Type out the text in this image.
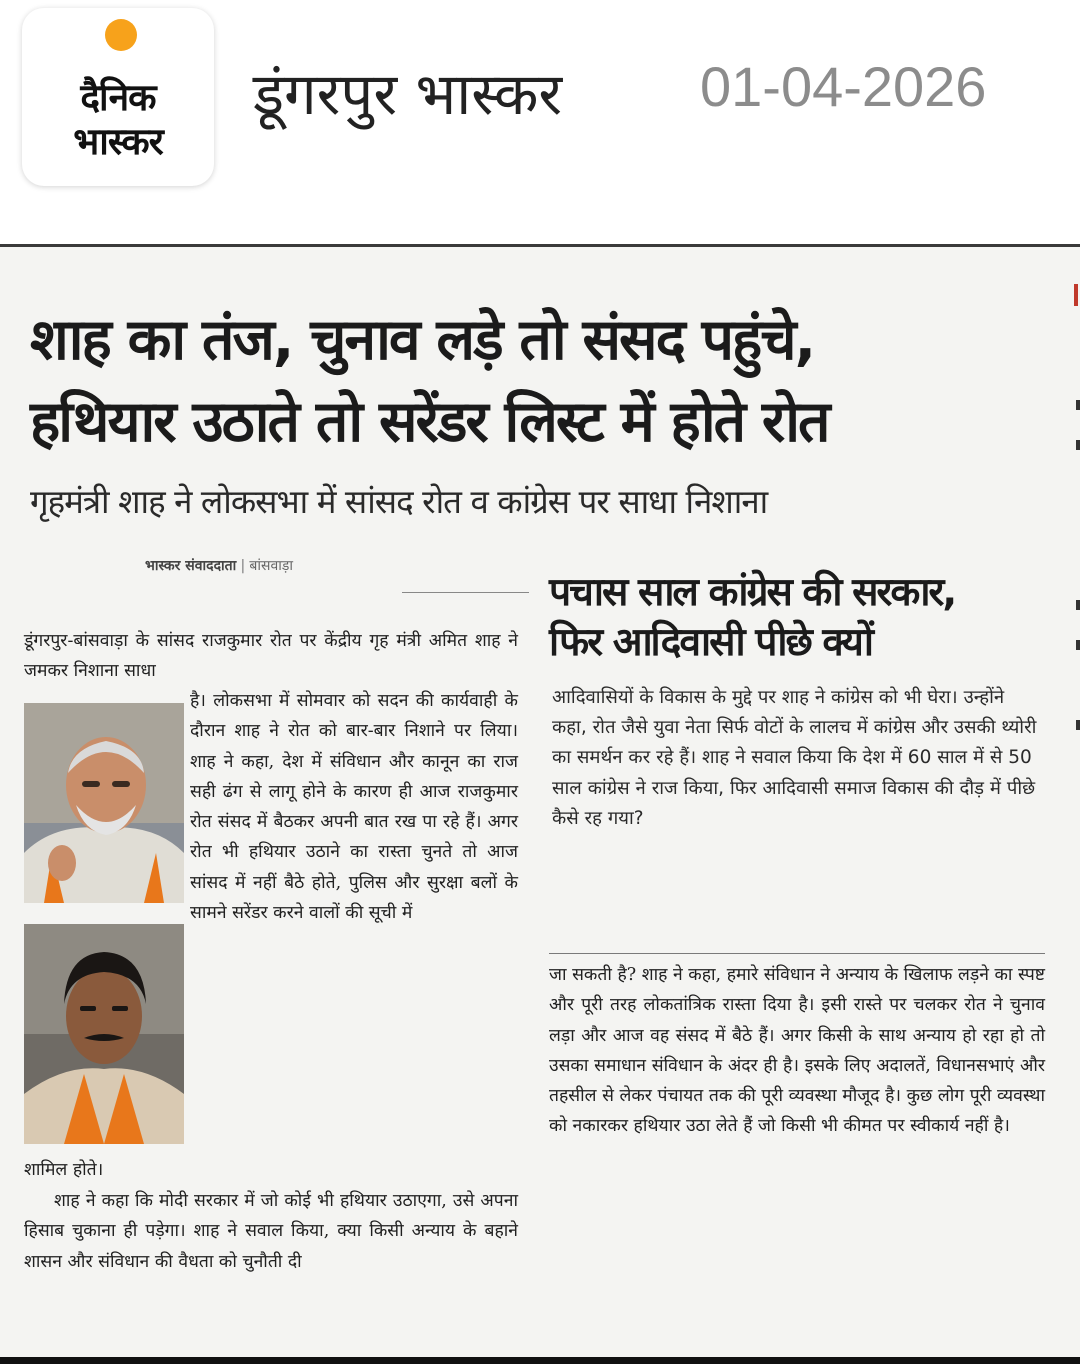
दैनिक
भास्कर
डूंगरपुर भास्कर 01-04-2026
शाह का तंज, चुनाव लड़े तो संसद पहुंचे,
हथियार उठाते तो सरेंडर लिस्ट में होते रोत
गृहमंत्री शाह ने लोकसभा में सांसद रोत व कांग्रेस पर साधा निशाना
भास्कर संवाददाता | बांसवाड़ा

डूंगरपुर-बांसवाड़ा के सांसद राजकुमार रोत पर केंद्रीय गृह मंत्री अमित शाह ने जमकर निशाना साधा

है। लोकसभा में सोमवार को सदन की कार्यवाही के दौरान शाह ने रोत को बार-बार निशाने पर लिया। शाह ने कहा, देश में संविधान और कानून का राज सही ढंग से लागू होने के कारण ही आज राजकुमार रोत संसद में बैठकर अपनी बात रख पा रहे हैं। अगर रोत भी हथियार उठाने का रास्ता चुनते तो आज सांसद में नहीं बैठे होते, पुलिस और सुरक्षा बलों के सामने सरेंडर करने वालों की सूची में

शामिल होते।

शाह ने कहा कि मोदी सरकार में जो कोई भी हथियार उठाएगा, उसे अपना हिसाब चुकाना ही पड़ेगा। शाह ने सवाल किया, क्या किसी अन्याय के बहाने शासन और संविधान की वैधता को चुनौती दी

पचास साल कांग्रेस की सरकार,
फिर आदिवासी पीछे क्यों

आदिवासियों के विकास के मुद्दे पर शाह ने कांग्रेस को भी घेरा। उन्होंने कहा, रोत जैसे युवा नेता सिर्फ वोटों के लालच में कांग्रेस और उसकी थ्योरी का समर्थन कर रहे हैं। शाह ने सवाल किया कि देश में 60 साल में से 50 साल कांग्रेस ने राज किया, फिर आदिवासी समाज विकास की दौड़ में पीछे कैसे रह गया?

जा सकती है? शाह ने कहा, हमारे संविधान ने अन्याय के खिलाफ लड़ने का स्पष्ट और पूरी तरह लोकतांत्रिक रास्ता दिया है। इसी रास्ते पर चलकर रोत ने चुनाव लड़ा और आज वह संसद में बैठे हैं। अगर किसी के साथ अन्याय हो रहा हो तो उसका समाधान संविधान के अंदर ही है। इसके लिए अदालतें, विधानसभाएं और तहसील से लेकर पंचायत तक की पूरी व्यवस्था मौजूद है। कुछ लोग पूरी व्यवस्था को नकारकर हथियार उठा लेते हैं जो किसी भी कीमत पर स्वीकार्य नहीं है।
